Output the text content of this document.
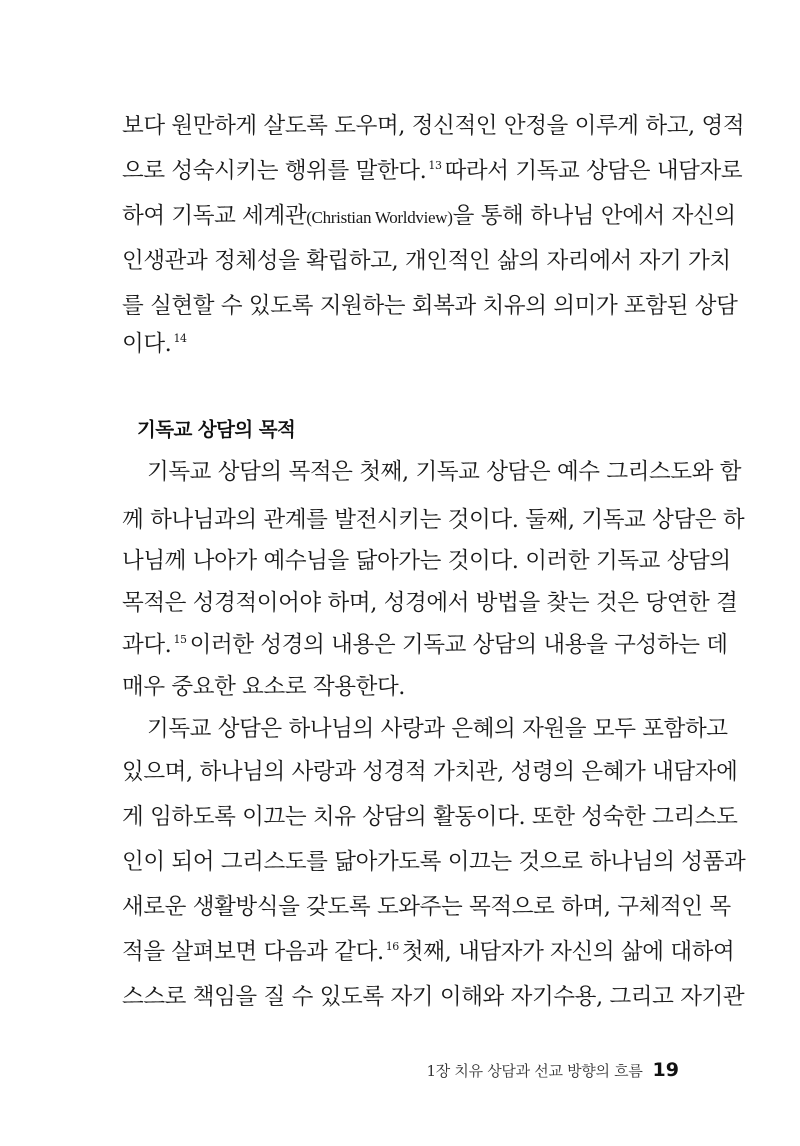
보다 원만하게 살도록 도우며, 정신적인 안정을 이루게 하고, 영적
으로 성숙시키는 행위를 말한다. $^{13}$ 따라서 기독교 상담은 내담자로
하여 기독교 세계관(Christian Worldview)을 통해 하나님 안에서 자신의
인생관과 정체성을 확립하고, 개인적인 삶의 자리에서 자기 가치
를 실현할 수 있도록 지원하는 회복과 치유의 의미가 포함된 상담
이다. $^{14}$
기독교 상담의 목적
기독교 상담의 목적은 첫째, 기독교 상담은 예수 그리스도와 함
께 하나님과의 관계를 발전시키는 것이다. 둘째, 기독교 상담은 하
나님께 나아가 예수님을 닮아가는 것이다. 이러한 기독교 상담의
목적은 성경적이어야 하며, 성경에서 방법을 찾는 것은 당연한 결
과다. $^{15}$ 이러한 성경의 내용은 기독교 상담의 내용을 구성하는 데
매우 중요한 요소로 작용한다.
기독교 상담은 하나님의 사랑과 은혜의 자원을 모두 포함하고
있으며, 하나님의 사랑과 성경적 가치관, 성령의 은혜가 내담자에
게 임하도록 이끄는 치유 상담의 활동이다. 또한 성숙한 그리스도
인이 되어 그리스도를 닮아가도록 이끄는 것으로 하나님의 성품과
새로운 생활방식을 갖도록 도와주는 목적으로 하며, 구체적인 목
적을 살펴보면 다음과 같다. $^{16}$ 첫째, 내담자가 자신의 삶에 대하여
스스로 책임을 질 수 있도록 자기 이해와 자기수용, 그리고 자기관
1장 치유 상담과 선교 방향의 흐름 19
